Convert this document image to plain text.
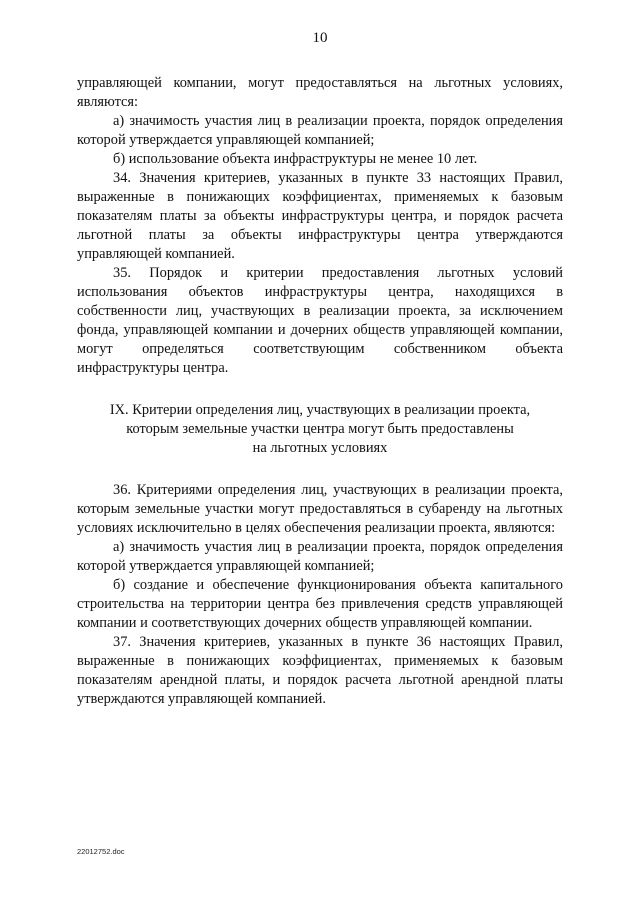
10

управляющей компании, могут предоставляться на льготных условиях, являются:

а) значимость участия лиц в реализации проекта, порядок определения которой утверждается управляющей компанией;

б) использование объекта инфраструктуры не менее 10 лет.

34. Значения критериев, указанных в пункте 33 настоящих Правил, выраженные в понижающих коэффициентах, применяемых к базовым показателям платы за объекты инфраструктуры центра, и порядок расчета льготной платы за объекты инфраструктуры центра утверждаются управляющей компанией.

35. Порядок и критерии предоставления льготных условий использования объектов инфраструктуры центра, находящихся в собственности лиц, участвующих в реализации проекта, за исключением фонда, управляющей компании и дочерних обществ управляющей компании, могут определяться соответствующим собственником объекта инфраструктуры центра.

IX. Критерии определения лиц, участвующих в реализации проекта,
которым земельные участки центра могут быть предоставлены
на льготных условиях

36. Критериями определения лиц, участвующих в реализации проекта, которым земельные участки могут предоставляться в субаренду на льготных условиях исключительно в целях обеспечения реализации проекта, являются:

а) значимость участия лиц в реализации проекта, порядок определения которой утверждается управляющей компанией;

б) создание и обеспечение функционирования объекта капитального строительства на территории центра без привлечения средств управляющей компании и соответствующих дочерних обществ управляющей компании.

37. Значения критериев, указанных в пункте 36 настоящих Правил, выраженные в понижающих коэффициентах, применяемых к базовым показателям арендной платы, и порядок расчета льготной арендной платы утверждаются управляющей компанией.

22012752.doc
